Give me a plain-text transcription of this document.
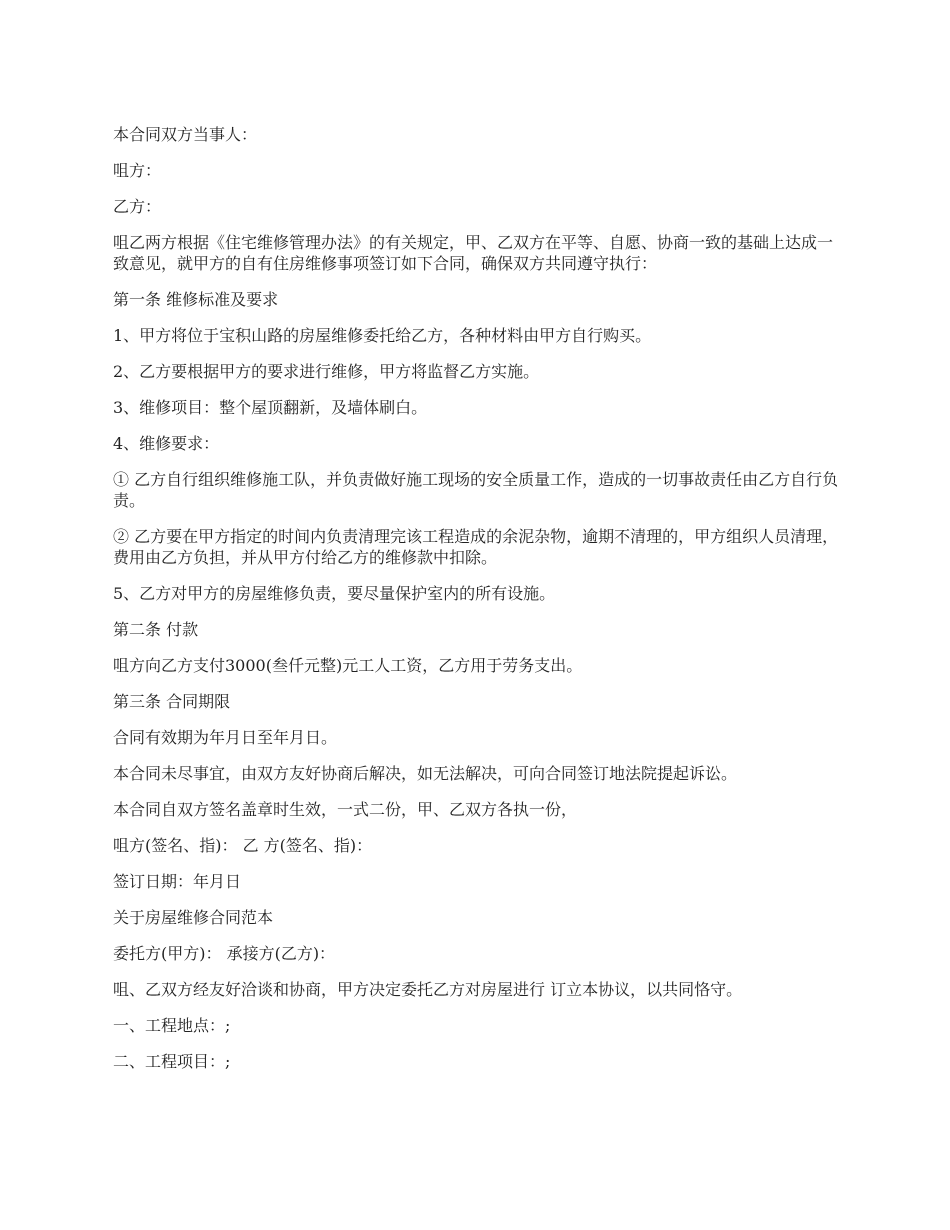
本合同双方当事人：

咀方：

乙方：

咀乙两方根据《住宅维修管理办法》的有关规定，甲、乙双方在平等、自愿、协商一致的基础上达成一致意见，就甲方的自有住房维修事项签订如下合同，确保双方共同遵守执行：

第一条 维修标准及要求

1、甲方将位于宝积山路的房屋维修委托给乙方，各种材料由甲方自行购买。

2、乙方要根据甲方的要求进行维修，甲方将监督乙方实施。

3、维修项目：整个屋顶翻新，及墙体刷白。

4、维修要求：

① 乙方自行组织维修施工队，并负责做好施工现场的安全质量工作，造成的一切事故责任由乙方自行负责。

② 乙方要在甲方指定的时间内负责清理完该工程造成的余泥杂物，逾期不清理的，甲方组织人员清理，费用由乙方负担，并从甲方付给乙方的维修款中扣除。

5、乙方对甲方的房屋维修负责，要尽量保护室内的所有设施。

第二条 付款

咀方向乙方支付3000(叁仟元整)元工人工资，乙方用于劳务支出。

第三条 合同期限

合同有效期为年月日至年月日。

本合同未尽事宜，由双方友好协商后解决，如无法解决，可向合同签订地法院提起诉讼。

本合同自双方签名盖章时生效，一式二份，甲、乙双方各执一份，

咀方(签名、指)： 乙 方(签名、指)：

签订日期：年月日

关于房屋维修合同范本

委托方(甲方)： 承接方(乙方)：

咀、乙双方经友好洽谈和协商，甲方决定委托乙方对房屋进行 订立本协议，以共同恪守。

一、工程地点：;

二、工程项目：;
